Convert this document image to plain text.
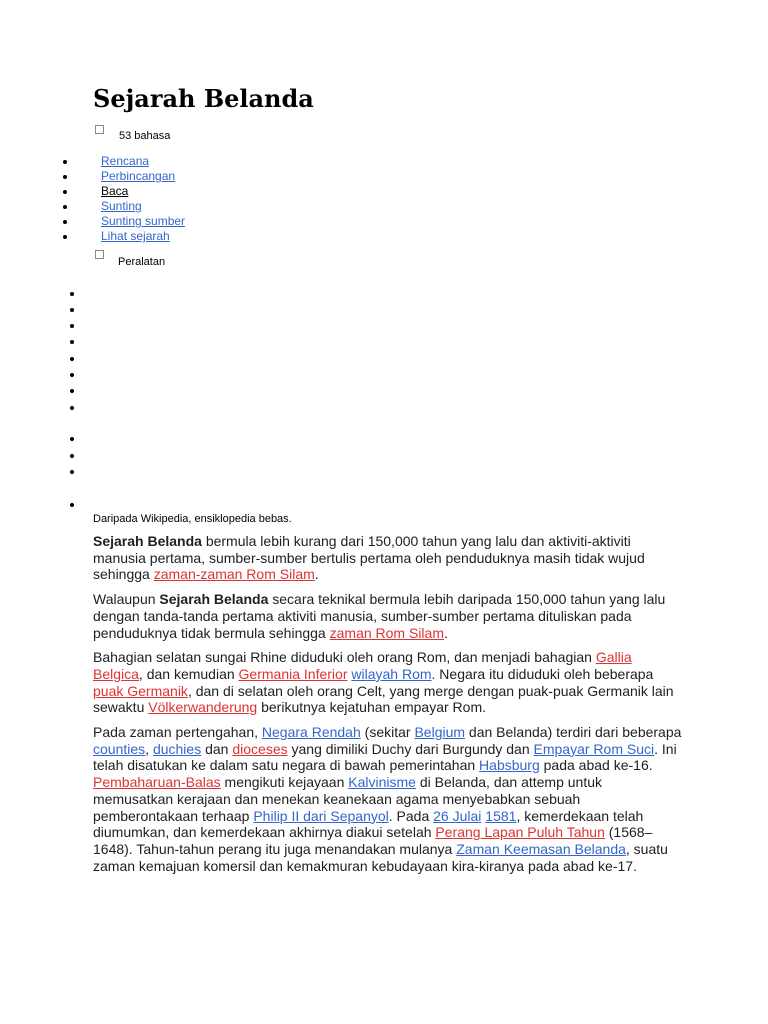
Sejarah Belanda
53 bahasa
Rencana
Perbincangan
Baca
Sunting
Sunting sumber
Lihat sejarah
Peralatan
Daripada Wikipedia, ensiklopedia bebas.

Sejarah Belanda bermula lebih kurang dari 150,000 tahun yang lalu dan aktiviti-aktiviti manusia pertama, sumber-sumber bertulis pertama oleh penduduknya masih tidak wujud sehingga zaman-zaman Rom Silam.

Walaupun Sejarah Belanda secara teknikal bermula lebih daripada 150,000 tahun yang lalu dengan tanda-tanda pertama aktiviti manusia, sumber-sumber pertama dituliskan pada penduduknya tidak bermula sehingga zaman Rom Silam.

Bahagian selatan sungai Rhine diduduki oleh orang Rom, dan menjadi bahagian Gallia Belgica, dan kemudian Germania Inferior wilayah Rom. Negara itu diduduki oleh beberapa puak Germanik, dan di selatan oleh orang Celt, yang merge dengan puak-puak Germanik lain sewaktu Völkerwanderung berikutnya kejatuhan empayar Rom.

Pada zaman pertengahan, Negara Rendah (sekitar Belgium dan Belanda) terdiri dari beberapa counties, duchies dan dioceses yang dimiliki Duchy dari Burgundy dan Empayar Rom Suci. Ini telah disatukan ke dalam satu negara di bawah pemerintahan Habsburg pada abad ke-16. Pembaharuan-Balas mengikuti kejayaan Kalvinisme di Belanda, dan attemp untuk memusatkan kerajaan dan menekan keanekaan agama menyebabkan sebuah pemberontakaan terhaap Philip II dari Sepanyol. Pada 26 Julai 1581, kemerdekaan telah diumumkan, dan kemerdekaan akhirnya diakui setelah Perang Lapan Puluh Tahun (1568–1648). Tahun-tahun perang itu juga menandakan mulanya Zaman Keemasan Belanda, suatu zaman kemajuan komersil dan kemakmuran kebudayaan kira-kiranya pada abad ke-17.
